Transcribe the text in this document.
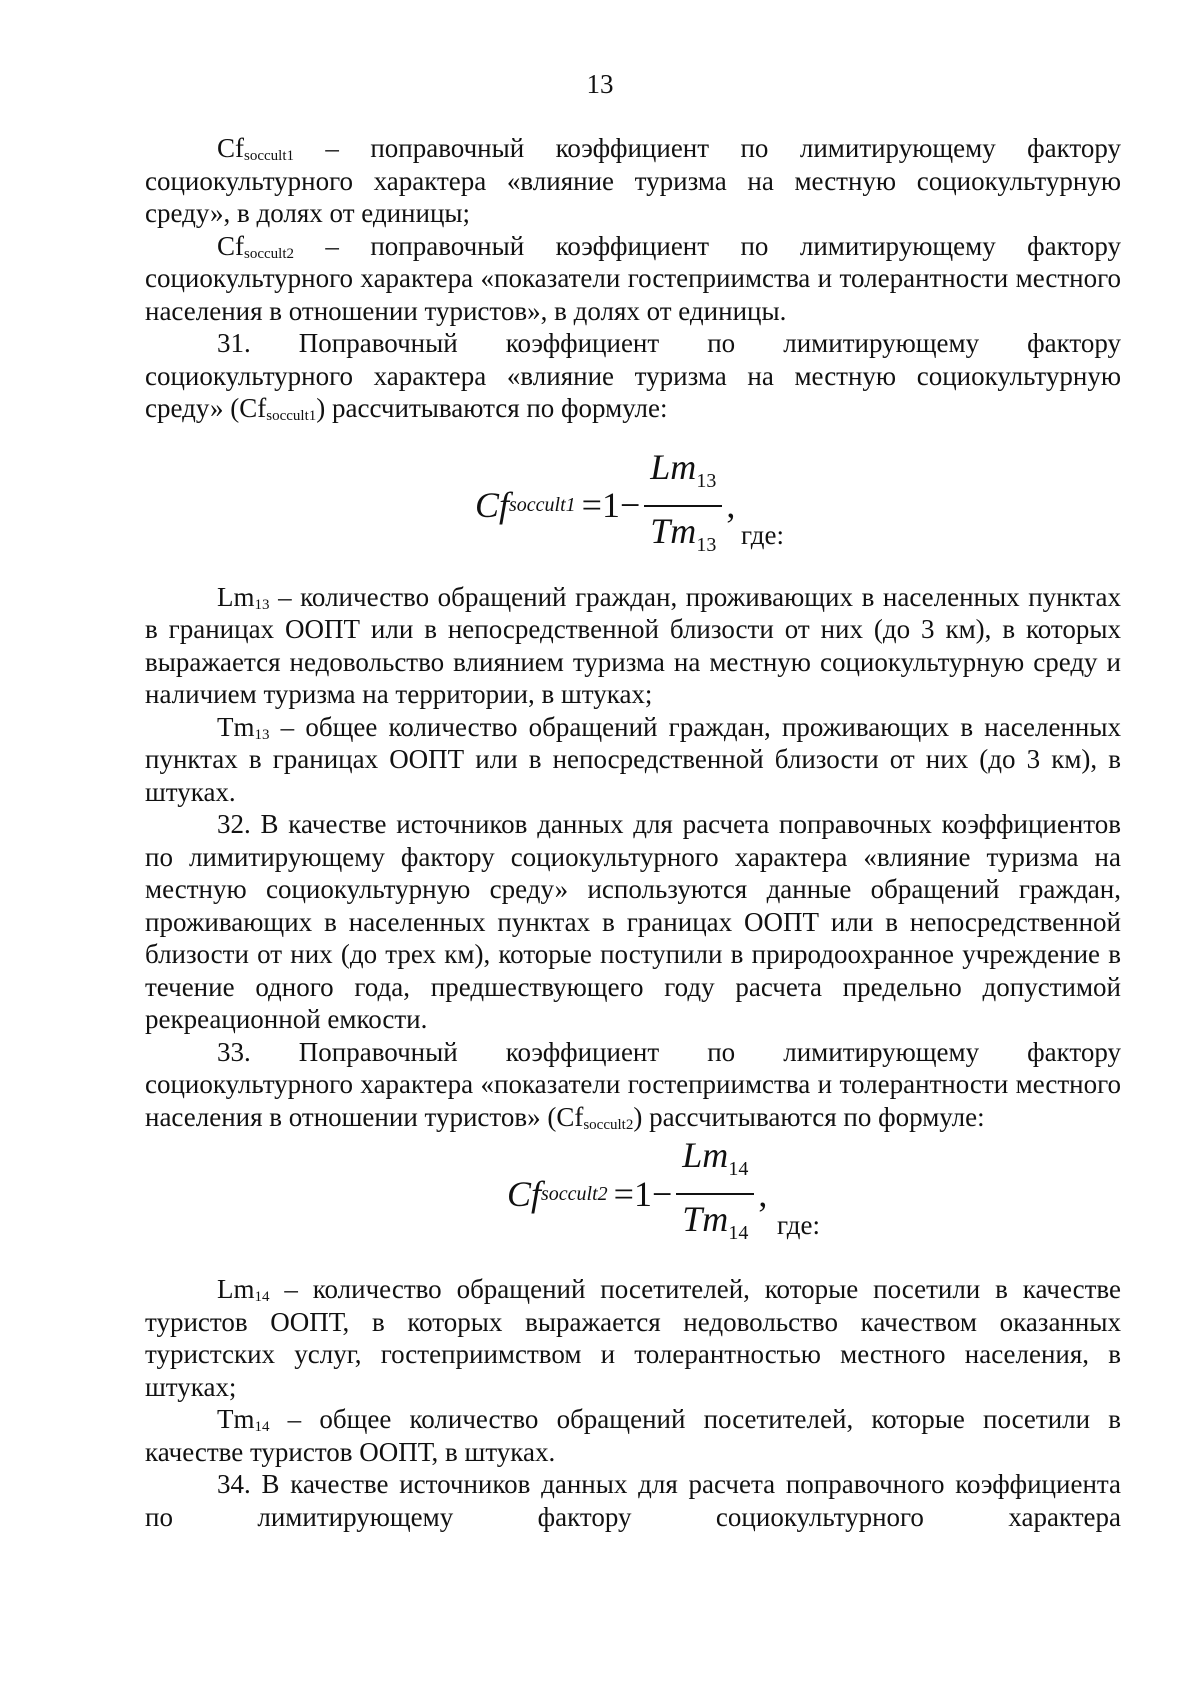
13

$Cf_{soccult1}$ – поправочный коэффициент по лимитирующему фактору социокультурного характера «влияние туризма на местную социокультурную среду», в долях от единицы;

$Cf_{soccult2}$ – поправочный коэффициент по лимитирующему фактору социокультурного характера «показатели гостеприимства и толерантности местного населения в отношении туристов», в долях от единицы.

31. Поправочный коэффициент по лимитирующему фактору социокультурного характера «влияние туризма на местную социокультурную среду» $(Cf_{soccult1})$ рассчитываются по формуле:

Cf soccult1 $=1- \frac{Lm_{13}}{Tm_{13}}$ ,
где:

$Lm_{13}$ – количество обращений граждан, проживающих в населенных пунктах в границах ООПТ или в непосредственной близости от них (до 3 км), в которых выражается недовольство влиянием туризма на местную социокультурную среду и наличием туризма на территории, в штуках;

$Tm_{13}$ – общее количество обращений граждан, проживающих в населенных пунктах в границах ООПТ или в непосредственной близости от них (до 3 км), в штуках.

32. В качестве источников данных для расчета поправочных коэффициентов по лимитирующему фактору социокультурного характера «влияние туризма на местную социокультурную среду» используются данные обращений граждан, проживающих в населенных пунктах в границах ООПТ или в непосредственной близости от них (до трех км), которые поступили в природоохранное учреждение в течение одного года, предшествующего году расчета предельно допустимой рекреационной емкости.

33. Поправочный коэффициент по лимитирующему фактору социокультурного характера «показатели гостеприимства и толерантности местного населения в отношении туристов» $(Cf_{soccult2})$ рассчитываются по формуле:

Cf soccult2 $=1- \frac{Lm_{14}}{Tm_{14}}$ ,
где:

$Lm_{14}$ – количество обращений посетителей, которые посетили в качестве туристов ООПТ, в которых выражается недовольство качеством оказанных туристских услуг, гостеприимством и толерантностью местного населения, в штуках;

$Tm_{14}$ – общее количество обращений посетителей, которые посетили в качестве туристов ООПТ, в штуках.

34. В качестве источников данных для расчета поправочного коэффициента по лимитирующему фактору социокультурного характера
